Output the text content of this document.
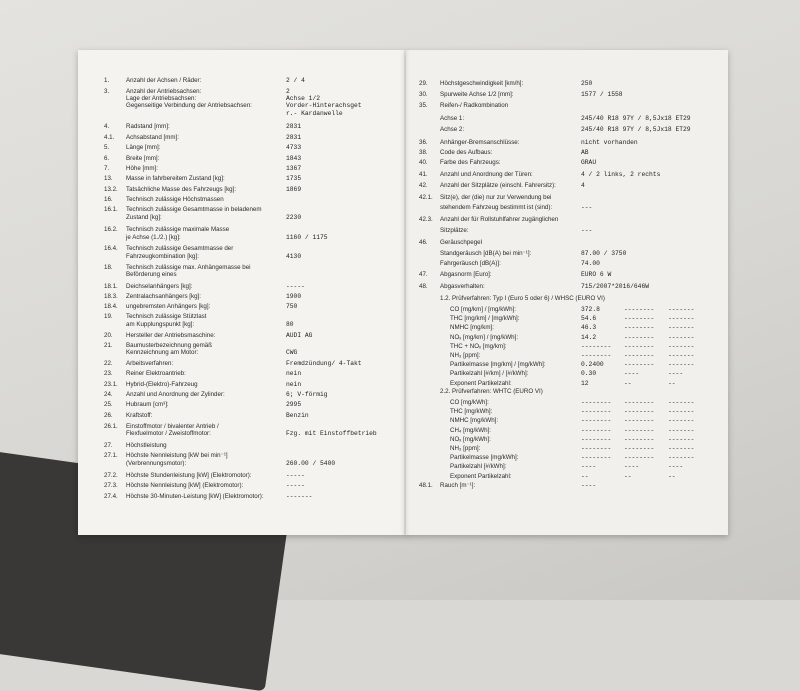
1.	Anzahl der Achsen / Räder:	2 / 4
3.	Anzahl der Antriebsachsen:	2
Lage der Antriebsachsen:	Achse 1/2
Gegenseitige Verbindung der Antriebsachsen:	Vorder-Hinterachsget
r.- Kardanwelle
4.	Radstand [mm]:	2831
4.1.	Achsabstand [mm]:	2831
5.	Länge [mm]:	4733
6.	Breite [mm]:	1843
7.	Höhe [mm]:	1367
13.	Masse in fahrbereitem Zustand [kg]:	1735
13.2.	Tatsächliche Masse des Fahrzeugs [kg]:	1869
16.	Technisch zulässige Höchstmassen
16.1.	Technisch zulässige Gesamtmasse in beladenem
Zustand [kg]:	2230
16.2.	Technisch zulässige maximale Masse
je Achse (1./2.) [kg]:	1160 / 1175
16.4.	Technisch zulässige Gesamtmasse der
Fahrzeugkombination [kg]:	4130
18.	Technisch zulässige max. Anhängemasse bei
Beförderung eines
18.1.	Deichselanhängers [kg]:	-----
18.3.	Zentralachsanhängers [kg]:	1900
18.4.	ungebremsten Anhängers [kg]:	750
19.	Technisch zulässige Stützlast
am Kupplungspunkt [kg]:	80
20.	Hersteller der Antriebsmaschine:	AUDI AG
21.	Baumusterbezeichnung gemäß
Kennzeichnung am Motor:	CWG
22.	Arbeitsverfahren:	Fremdzündung/ 4-Takt
23.	Reiner Elektroantrieb:	nein
23.1.	Hybrid-(Elektro)-Fahrzeug	nein
24.	Anzahl und Anordnung der Zylinder:	6; V-förmig
25.	Hubraum [cm³]:	2995
26.	Kraftstoff:	Benzin
26.1.	Einstoffmotor / bivalenter Antrieb /
Flexfuelmotor / Zweistoffmotor:	Fzg. mit Einstoffbetrieb
27.	Höchstleistung
27.1.	Höchste Nennleistung [kW bei min⁻¹]
(Verbrennungsmotor):	260.00 / 5400
27.2.	Höchste Stundenleistung [kW] (Elektromotor):	-----
27.3.	Höchste Nennleistung [kW] (Elektromotor):	-----
27.4.	Höchste 30-Minuten-Leistung [kW] (Elektromotor):	-------
29.	Höchstgeschwindigkeit [km/h]:	250
30.	Spurweite Achse 1/2 [mm]:	1577 / 1558
35.	Reifen-/ Radkombination
Achse 1:	245/40 R18 97Y / 8,5Jx18 ET29
Achse 2:	245/40 R18 97Y / 8,5Jx18 ET29
36.	Anhänger-Bremsanschlüsse:	nicht vorhanden
38.	Code des Aufbaus:	AB
40.	Farbe des Fahrzeugs:	GRAU
41.	Anzahl und Anordnung der Türen:	4 / 2 links, 2 rechts
42.	Anzahl der Sitzplätze (einschl. Fahrersitz):	4
42.1.	Sitz(e), der (die) nur zur Verwendung bei
stehendem Fahrzeug bestimmt ist (sind):	---
42.3.	Anzahl der für Rollstuhlfahrer zugänglichen
Sitzplätze:	---
46.	Geräuschpegel
Standgeräusch [dB(A) bei min⁻¹]:	87.00 / 3750
Fahrgeräusch [dB(A)]:	74.00
47.	Abgasnorm [Euro]:	EURO 6 W
48.	Abgasverhalten:	715/2007*2016/646W
1.2. Prüfverfahren: Typ I (Euro 5 oder 6) / WHSC (EURO VI)
CO [mg/km] / [mg/kWh]:	372.8	-------- -------
THC [mg/km] / [mg/kWh]:	54.6	-------- -------
NMHC [mg/km]:	46.3	-------- -------
NOₓ [mg/km] / [mg/kWh]:	14.2	-------- -------
THC + NOₓ [mg/km]:	-------- -------- -------
NH₃ [ppm]:	-------- -------- -------
Partikelmasse [mg/km] / [mg/kWh]:	0.2400	-------- -------
Partikelzahl [#/km] / [#/kWh]:	0.30	----	----
Exponent Partikelzahl:	12	--	--
2.2. Prüfverfahren: WHTC (EURO VI)
CO [mg/kWh]:	-------- -------- -------
THC [mg/kWh]:	-------- -------- -------
NMHC [mg/kWh]:	-------- -------- -------
CH₄ [mg/kWh]:	-------- -------- -------
NOₓ [mg/kWh]:	-------- -------- -------
NH₃ [ppm]:	-------- -------- -------
Partikelmasse [mg/kWh]:	-------- -------- -------
Partikelzahl [#/kWh]:	----	----	----
Exponent Partikelzahl:	--	--	--
48.1.	Rauch [m⁻¹]:	----
